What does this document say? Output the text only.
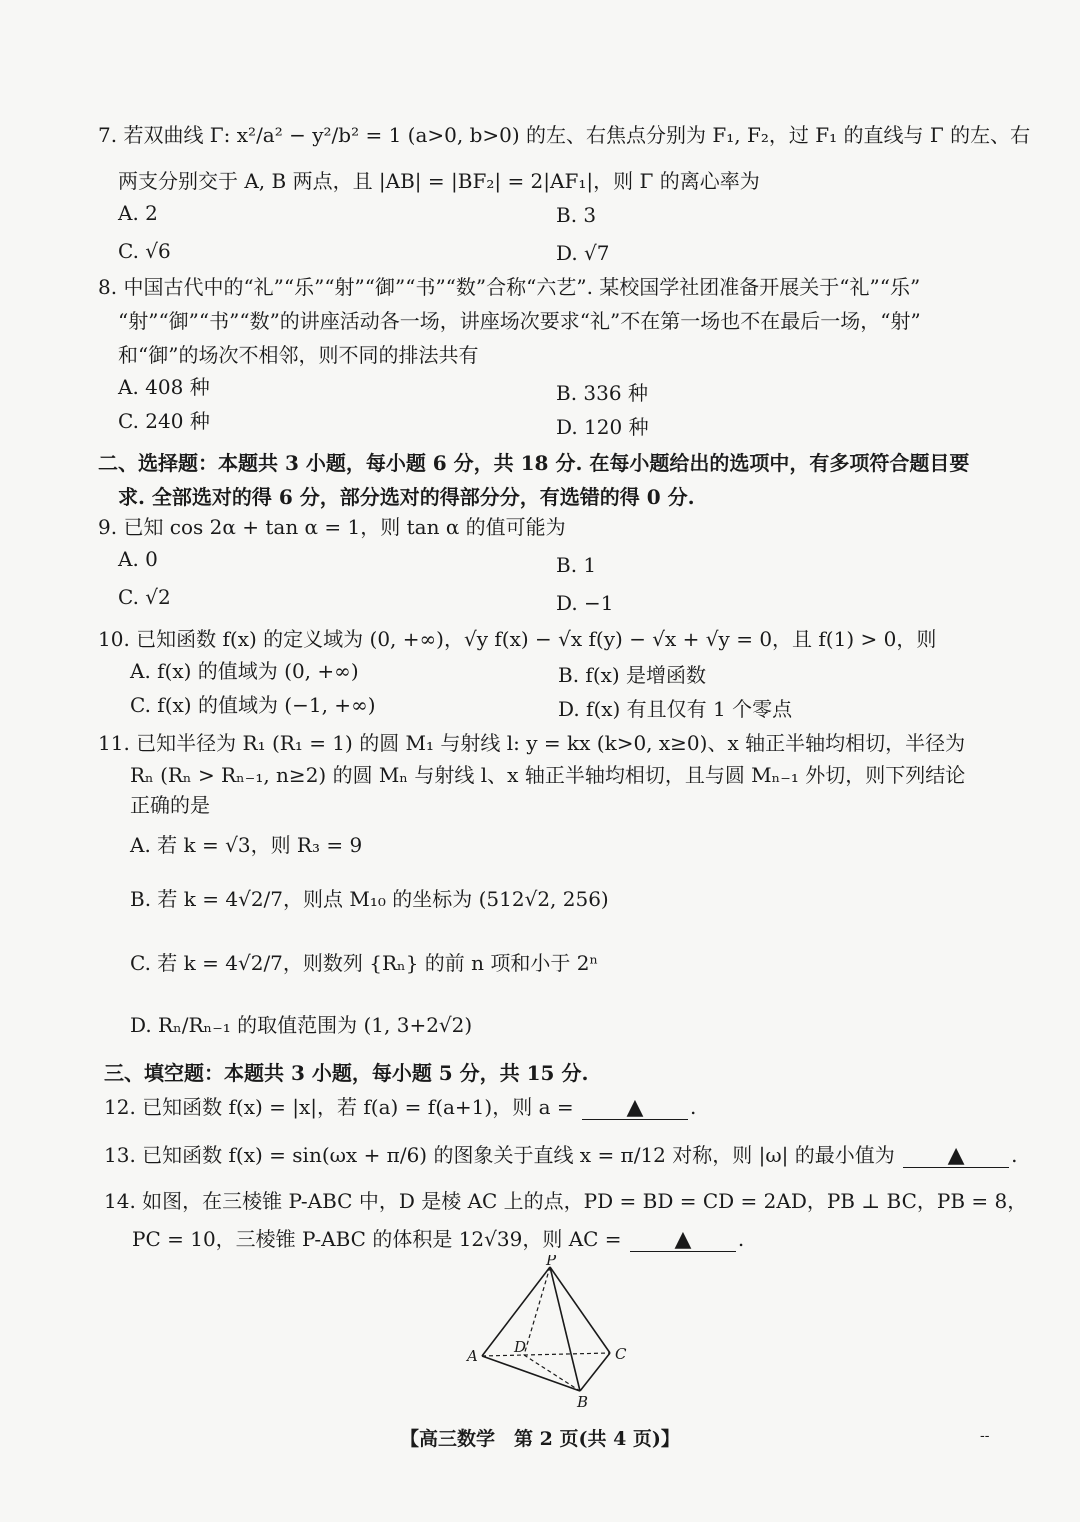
7. 若双曲线 Γ: x²/a² − y²/b² = 1 (a>0, b>0) 的左、右焦点分别为 F₁, F₂，过 F₁ 的直线与 Γ 的左、右
两支分别交于 A, B 两点，且 |AB| = |BF₂| = 2|AF₁|，则 Γ 的离心率为
A. 2	B. 3
C. √6	D. √7
8. 中国古代中的“礼”“乐”“射”“御”“书”“数”合称“六艺”. 某校国学社团准备开展关于“礼”“乐”
“射”“御”“书”“数”的讲座活动各一场，讲座场次要求“礼”不在第一场也不在最后一场，“射”
和“御”的场次不相邻，则不同的排法共有
A. 408 种	B. 336 种
C. 240 种	D. 120 种
二、选择题：本题共 3 小题，每小题 6 分，共 18 分. 在每小题给出的选项中，有多项符合题目要
求. 全部选对的得 6 分，部分选对的得部分分，有选错的得 0 分.
9. 已知 cos 2α + tan α = 1，则 tan α 的值可能为
A. 0	B. 1
C. √2	D. −1
10. 已知函数 f(x) 的定义域为 (0, +∞)，√y f(x) − √x f(y) − √x + √y = 0，且 f(1) > 0，则
A. f(x) 的值域为 (0, +∞)	B. f(x) 是增函数
C. f(x) 的值域为 (−1, +∞)	D. f(x) 有且仅有 1 个零点
11. 已知半径为 R₁ (R₁ = 1) 的圆 M₁ 与射线 l: y = kx (k>0, x≥0)、x 轴正半轴均相切，半径为
Rₙ (Rₙ > Rₙ₋₁, n≥2) 的圆 Mₙ 与射线 l、x 轴正半轴均相切，且与圆 Mₙ₋₁ 外切，则下列结论
正确的是
A. 若 k = √3，则 R₃ = 9
B. 若 k = 4√2/7，则点 M₁₀ 的坐标为 (512√2, 256)
C. 若 k = 4√2/7，则数列 {Rₙ} 的前 n 项和小于 2ⁿ
D. Rₙ/Rₙ₋₁ 的取值范围为 (1, 3+2√2)
三、填空题：本题共 3 小题，每小题 5 分，共 15 分.
12. 已知函数 f(x) = |x|，若 f(a) = f(a+1)，则 a = ▲ .
13. 已知函数 f(x) = sin(ωx + π/6) 的图象关于直线 x = π/12 对称，则 |ω| 的最小值为 ▲ .
14. 如图，在三棱锥 P-ABC 中，D 是棱 AC 上的点，PD = BD = CD = 2AD，PB ⊥ BC，PB = 8，
PC = 10，三棱锥 P-ABC 的体积是 12√39，则 AC = ▲ .
P
A D	C
B
【高三数学　第 2 页(共 4 页)】	--
